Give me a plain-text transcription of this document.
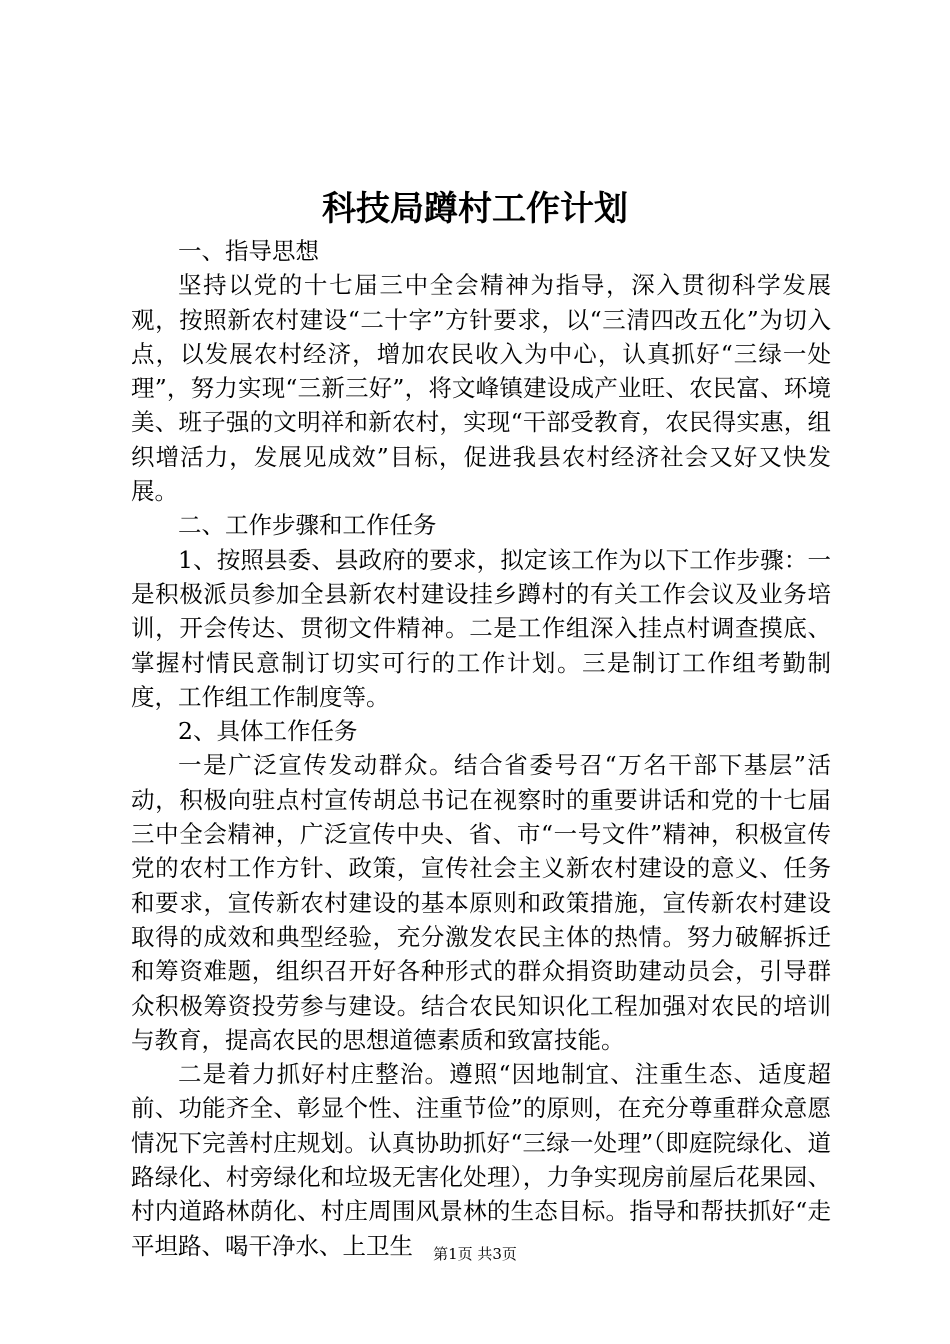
科技局蹲村工作计划

一、指导思想

坚持以党的十七届三中全会精神为指导，深入贯彻科学发展观，按照新农村建设“二十字”方针要求，以“三清四改五化”为切入点，以发展农村经济，增加农民收入为中心，认真抓好“三绿一处理”，努力实现“三新三好”，将文峰镇建设成产业旺、农民富、环境美、班子强的文明祥和新农村，实现“干部受教育，农民得实惠，组织增活力，发展见成效”目标，促进我县农村经济社会又好又快发展。

二、工作步骤和工作任务

1、按照县委、县政府的要求，拟定该工作为以下工作步骤：一是积极派员参加全县新农村建设挂乡蹲村的有关工作会议及业务培训，开会传达、贯彻文件精神。二是工作组深入挂点村调查摸底、掌握村情民意制订切实可行的工作计划。三是制订工作组考勤制度，工作组工作制度等。

2、具体工作任务

一是广泛宣传发动群众。结合省委号召“万名干部下基层”活动，积极向驻点村宣传胡总书记在视察时的重要讲话和党的十七届三中全会精神，广泛宣传中央、省、市“一号文件”精神，积极宣传党的农村工作方针、政策，宣传社会主义新农村建设的意义、任务和要求，宣传新农村建设的基本原则和政策措施，宣传新农村建设取得的成效和典型经验，充分激发农民主体的热情。努力破解拆迁和筹资难题，组织召开好各种形式的群众捐资助建动员会，引导群众积极筹资投劳参与建设。结合农民知识化工程加强对农民的培训与教育，提高农民的思想道德素质和致富技能。

二是着力抓好村庄整治。遵照“因地制宜、注重生态、适度超前、功能齐全、彰显个性、注重节俭”的原则，在充分尊重群众意愿情况下完善村庄规划。认真协助抓好“三绿一处理”（即庭院绿化、道路绿化、村旁绿化和垃圾无害化处理），力争实现房前屋后花果园、村内道路林荫化、村庄周围风景林的生态目标。指导和帮扶抓好“走平坦路、喝干净水、上卫生	第1页 共3页
